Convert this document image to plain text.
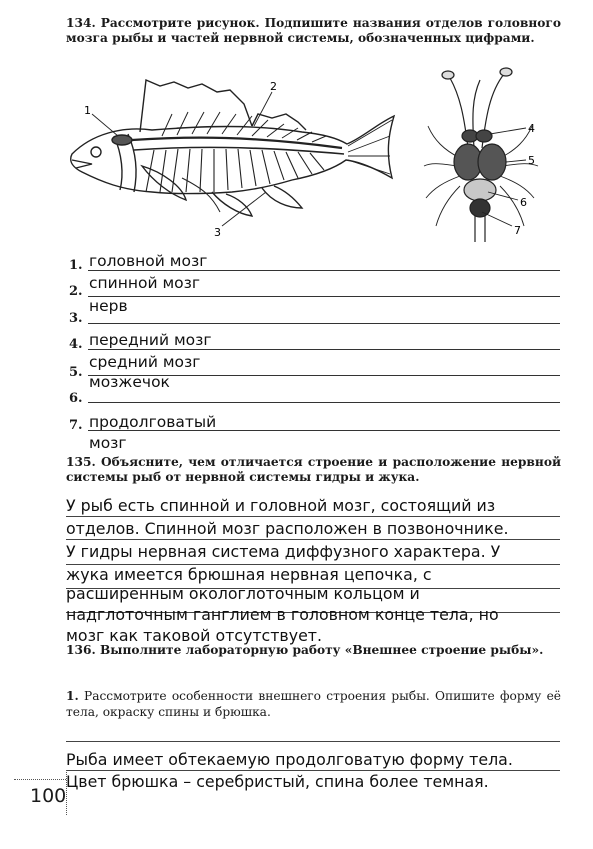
134. Рассмотрите рисунок. Подпишите названия отделов головного мозга рыбы и частей нервной системы, обозначенных цифрами.
1
2
3
4
5
6
7
1. головной мозг
2. спинной мозг
3.
нерв
4. передний мозг
5.
средний мозг
6.
мозжечок
7. продолговатый
мозг
135. Объясните, чем отличается строение и расположение нервной системы рыб от нервной системы гидры и жука.
У рыб есть спинной и головной мозг, состоящий из
отделов. Спинной мозг расположен в позвоночнике.
У гидры нервная система диффузного характера. У
жука имеется брюшная нервная цепочка, с
расширенным окологлоточным кольцом и
надглоточным ганглием в головном конце тела, но
мозг как таковой отсутствует.
136. Выполните лабораторную работу «Внешнее строение рыбы».
1. Рассмотрите особенности внешнего строения рыбы. Опишите форму её тела, окраску спины и брюшка.
Рыба имеет обтекаемую продолговатую форму тела.
Цвет брюшка – серебристый, спина более темная.
100
